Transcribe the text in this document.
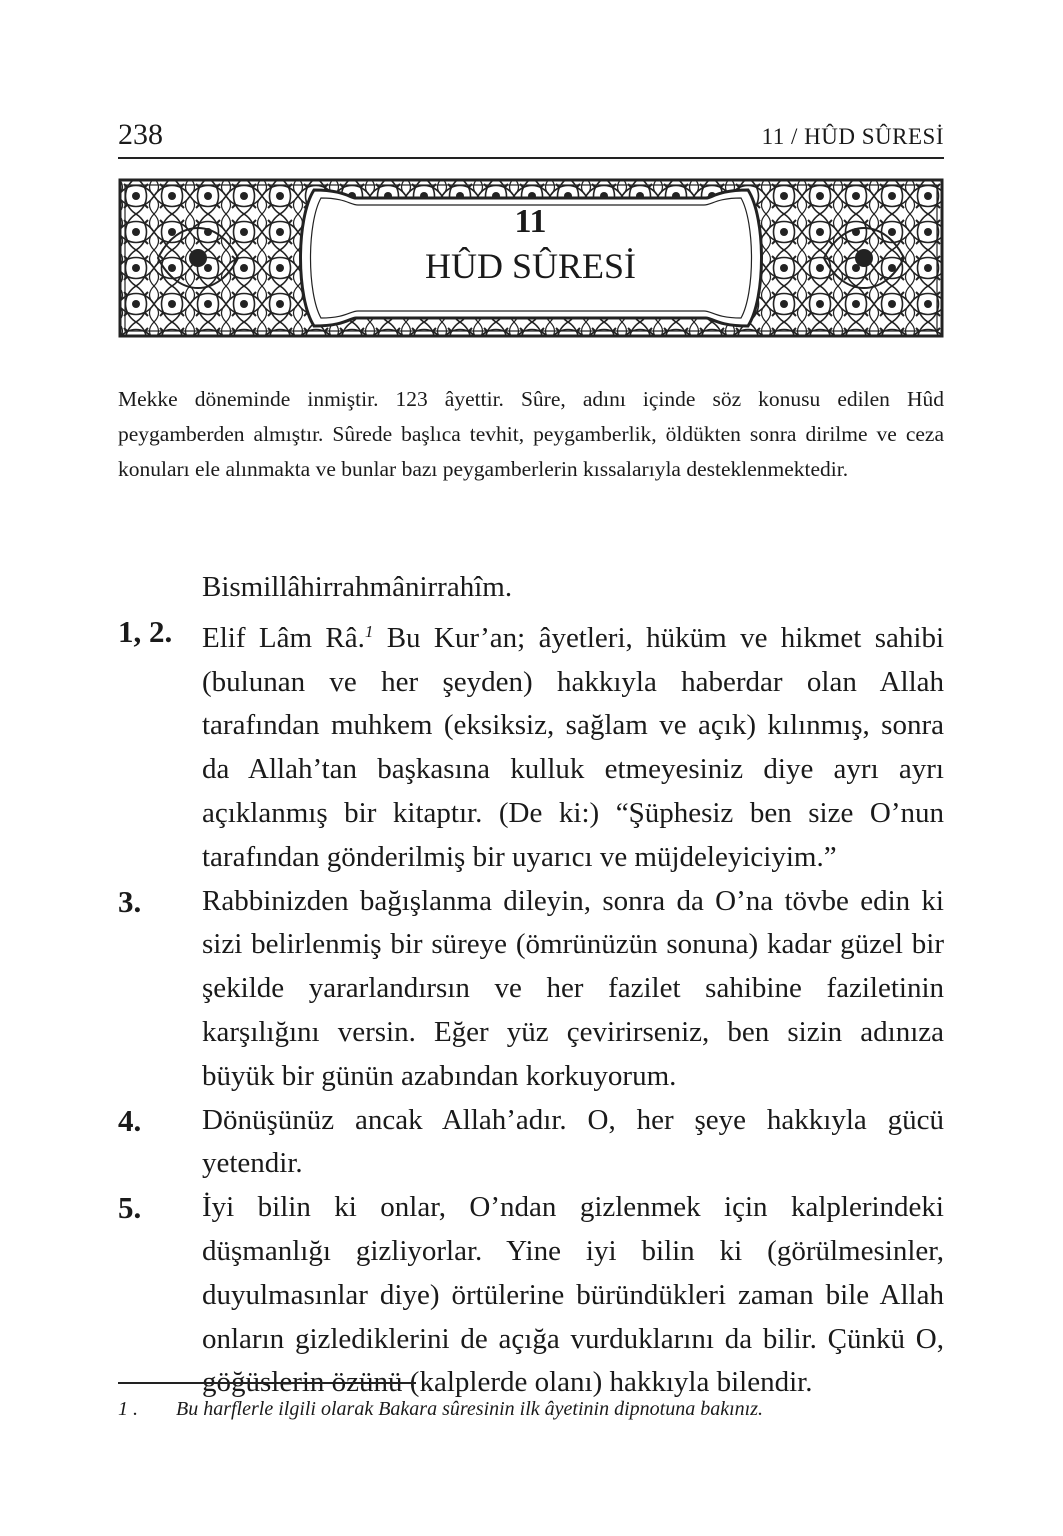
238	11 / HÛD SÛRESİ
11
HÛD SÛRESİ

Mekke döneminde inmiştir. 123 âyettir. Sûre, adını içinde söz konusu edilen Hûd peygamberden almıştır. Sûrede başlıca tevhit, peygamberlik, öldükten sonra dirilme ve ceza konuları ele alınmakta ve bunlar bazı peygamberlerin kıssalarıyla desteklenmektedir.

Bismillâhirrahmânirrahîm.
1, 2.	Elif Lâm Râ.$^1$ Bu Kur’an; âyetleri, hüküm ve hikmet sahibi (bulunan ve her şeyden) hakkıyla haberdar olan Allah tarafından muhkem (eksiksiz, sağlam ve açık) kılınmış, sonra da Allah’tan başkasına kulluk etmeyesiniz diye ayrı ayrı açıklanmış bir kitaptır. (De ki:) “Şüphesiz ben size O’nun tarafından gönderilmiş bir uyarıcı ve müjdeleyiciyim.”
3.	Rabbinizden bağışlanma dileyin, sonra da O’na tövbe edin ki sizi belirlenmiş bir süreye (ömrünüzün sonuna) kadar güzel bir şekilde yararlandırsın ve her fazilet sahibine faziletinin karşılığını versin. Eğer yüz çevirirseniz, ben sizin adınıza büyük bir günün azabından korkuyorum.
4.	Dönüşünüz ancak Allah’adır. O, her şeye hakkıyla gücü yetendir.
5.	İyi bilin ki onlar, O’ndan gizlenmek için kalplerindeki düşmanlığı gizliyorlar. Yine iyi bilin ki (görülmesinler, duyulmasınlar diye) örtülerine büründükleri zaman bile Allah onların gizlediklerini de açığa vurduklarını da bilir. Çünkü O, göğüslerin özünü (kalplerde olanı) hakkıyla bilendir.
1 .	Bu harflerle ilgili olarak Bakara sûresinin ilk âyetinin dipnotuna bakınız.
